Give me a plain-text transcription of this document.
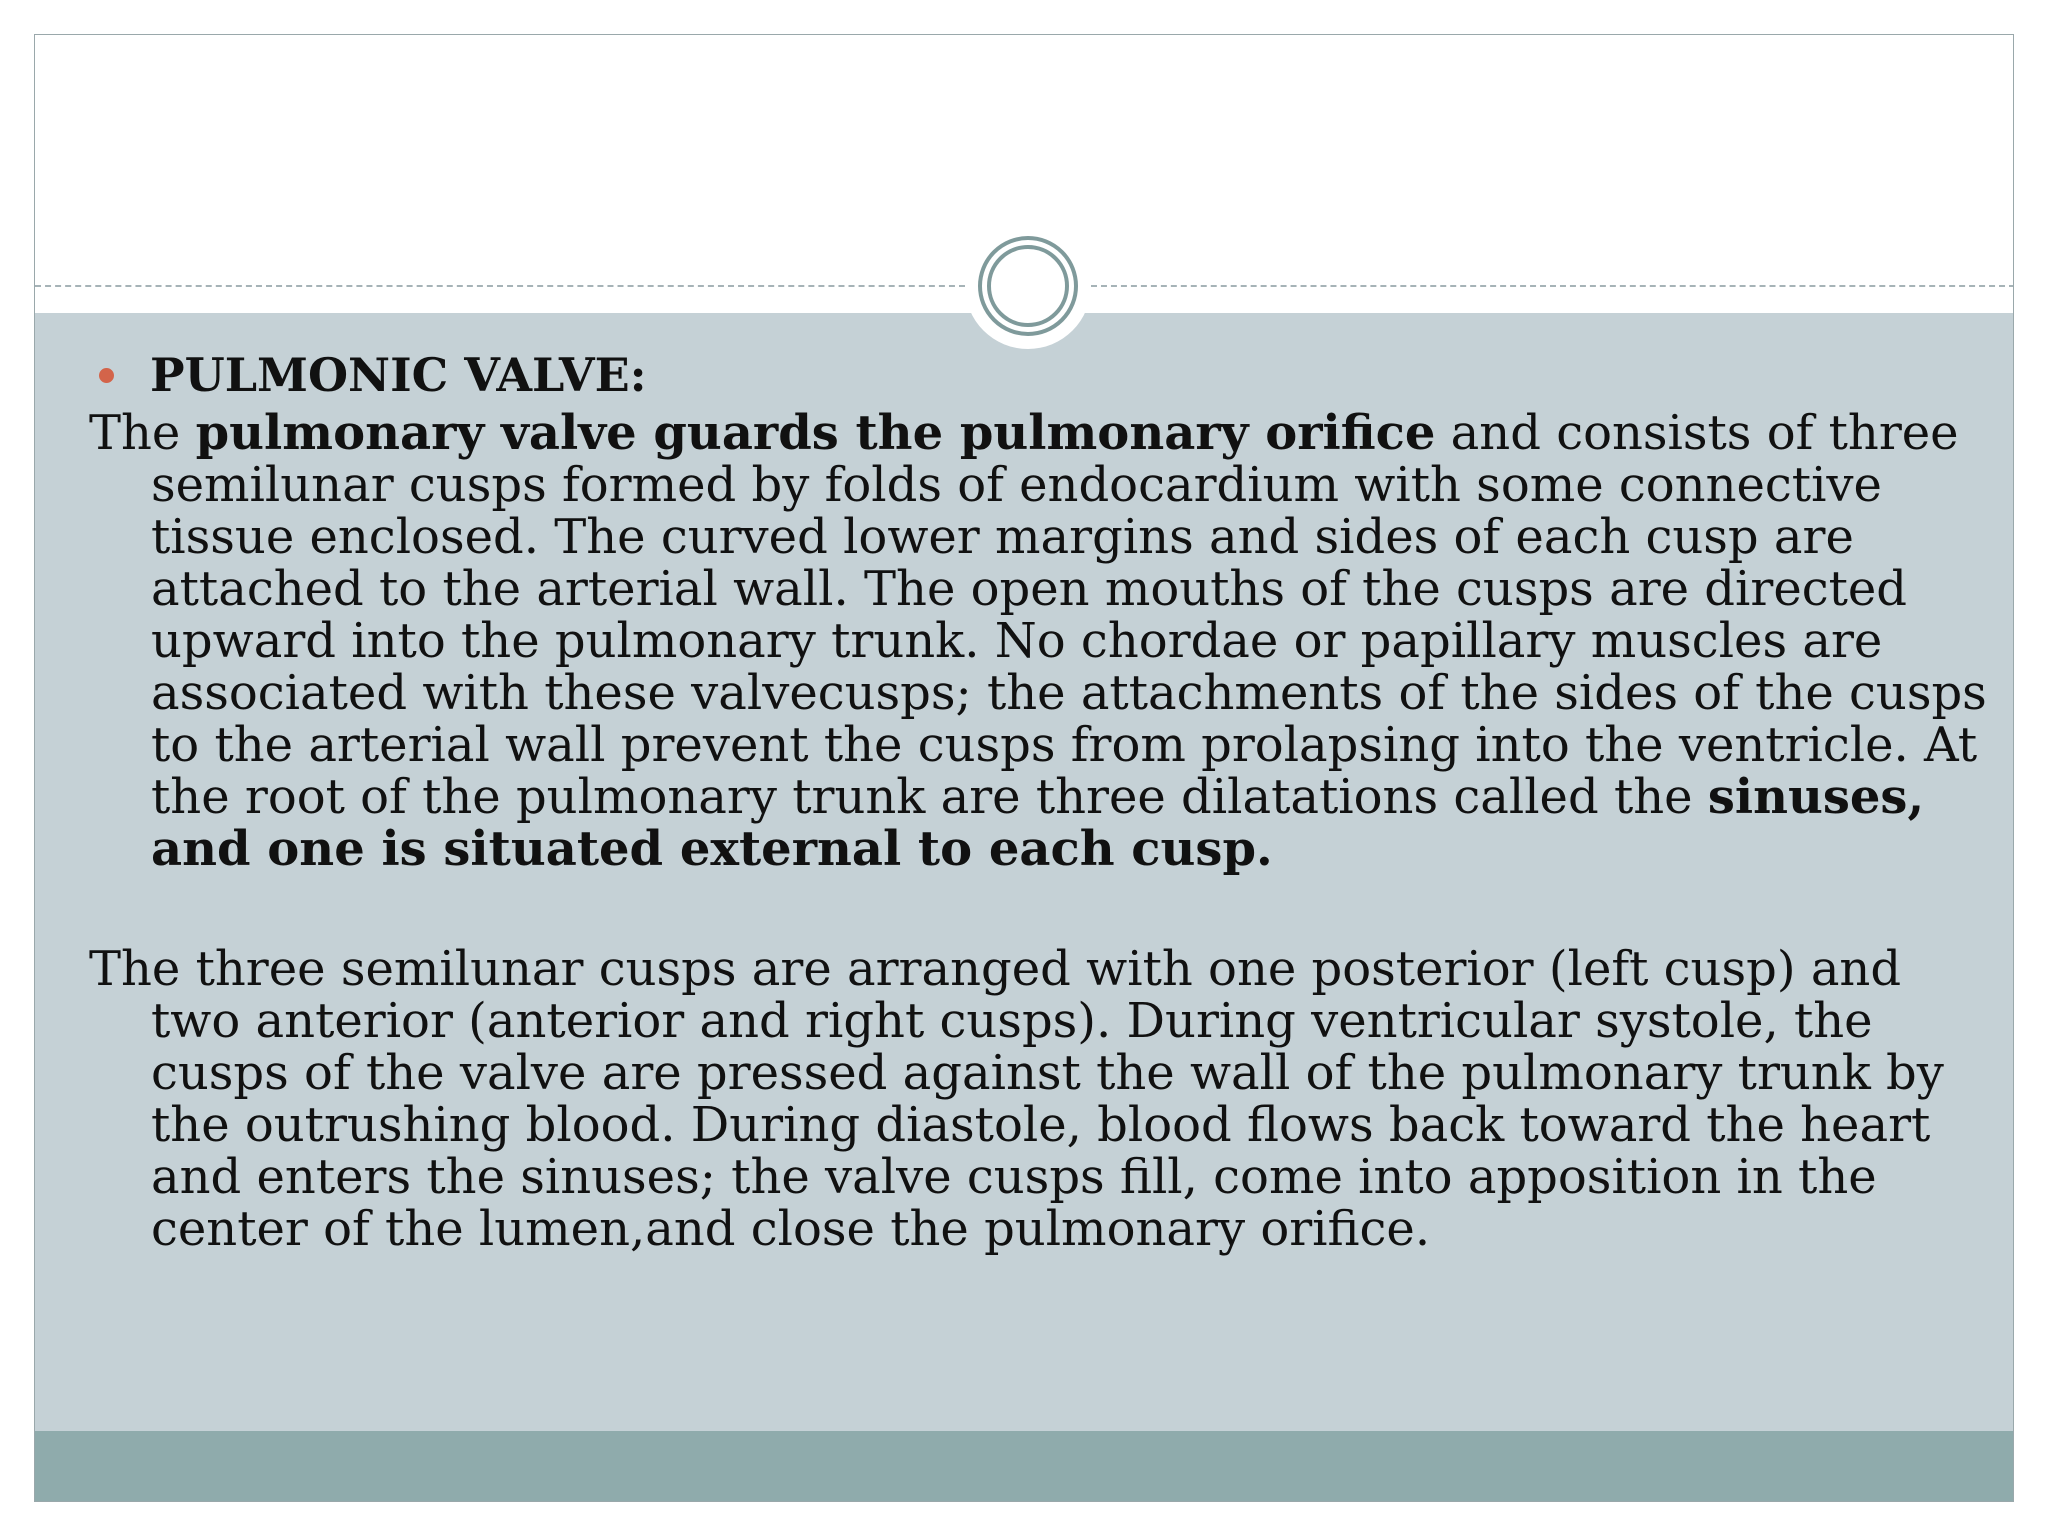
PULMONIC VALVE:

The pulmonary valve guards the pulmonary orifice and consists of three semilunar cusps formed by folds of endocardium with some connective tissue enclosed. The curved lower margins and sides of each cusp are attached to the arterial wall. The open mouths of the cusps are directed upward into the pulmonary trunk. No chordae or papillary muscles are associated with these valvecusps; the attachments of the sides of the cusps to the arterial wall prevent the cusps from prolapsing into the ventricle. At the root of the pulmonary trunk are three dilatations called the sinuses, and one is situated external to each cusp.

The three semilunar cusps are arranged with one posterior (left cusp) and two anterior (anterior and right cusps). During ventricular systole, the cusps of the valve are pressed against the wall of the pulmonary trunk by the outrushing blood. During diastole, blood flows back toward the heart and enters the sinuses; the valve cusps fill, come into apposition in the center of the lumen,and close the pulmonary orifice.
